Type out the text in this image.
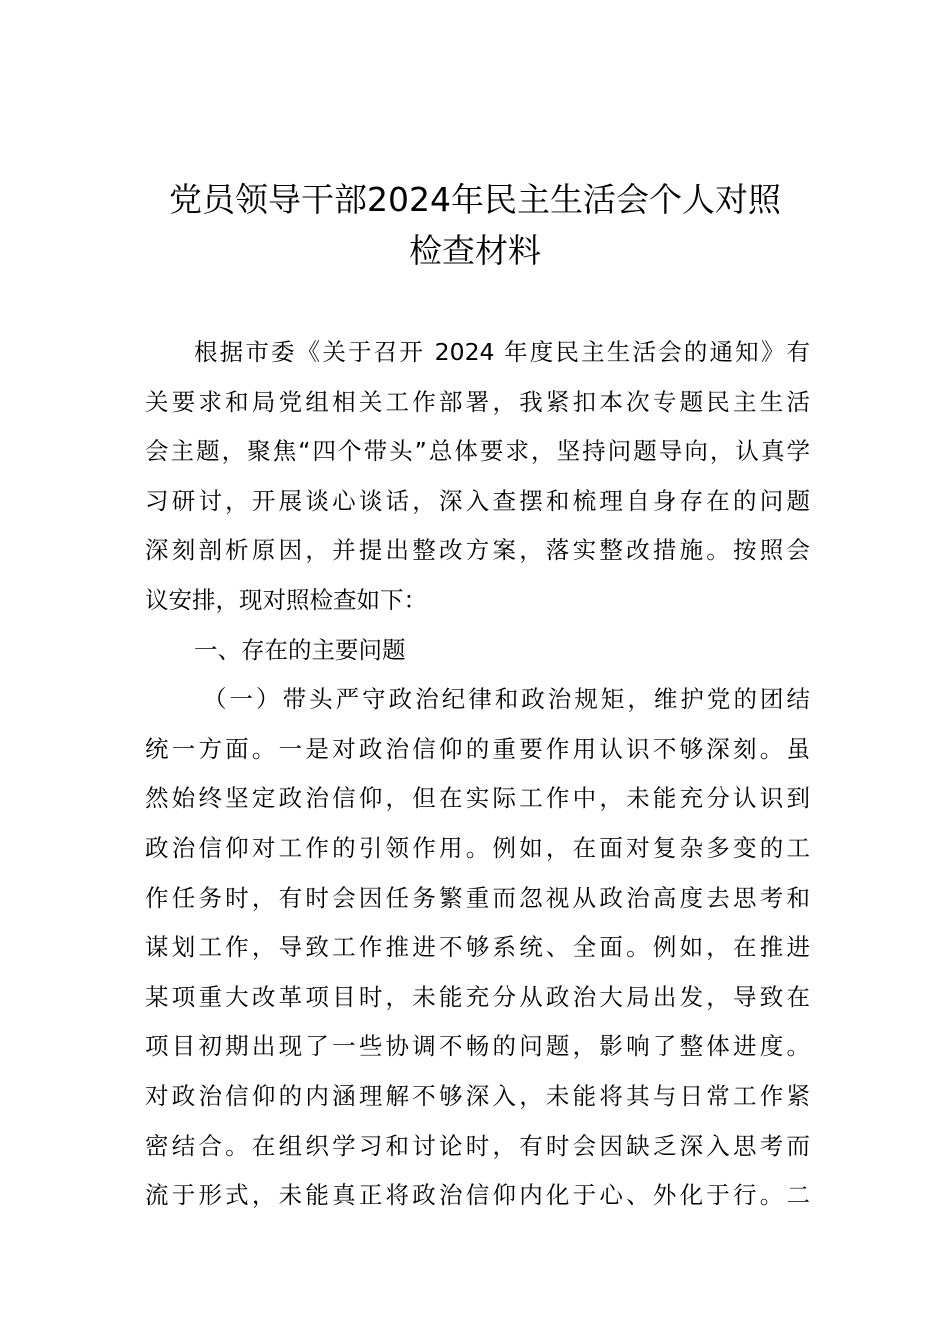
党员领导干部2024年民主生活会个人对照
检查材料
根据市委《关于召开 2024 年度民主生活会的通知》有
关要求和局党组相关工作部署，我紧扣本次专题民主生活
会主题，聚焦“四个带头”总体要求，坚持问题导向，认真学
习研讨，开展谈心谈话，深入查摆和梳理自身存在的问题
深刻剖析原因，并提出整改方案，落实整改措施。按照会
议安排，现对照检查如下：
一、存在的主要问题
（一）带头严守政治纪律和政治规矩，维护党的团结
统一方面。一是对政治信仰的重要作用认识不够深刻。虽
然始终坚定政治信仰，但在实际工作中，未能充分认识到
政治信仰对工作的引领作用。例如，在面对复杂多变的工
作任务时，有时会因任务繁重而忽视从政治高度去思考和
谋划工作，导致工作推进不够系统、全面。例如，在推进
某项重大改革项目时，未能充分从政治大局出发，导致在
项目初期出现了一些协调不畅的问题，影响了整体进度。
对政治信仰的内涵理解不够深入，未能将其与日常工作紧
密结合。在组织学习和讨论时，有时会因缺乏深入思考而
流于形式，未能真正将政治信仰内化于心、外化于行。二
